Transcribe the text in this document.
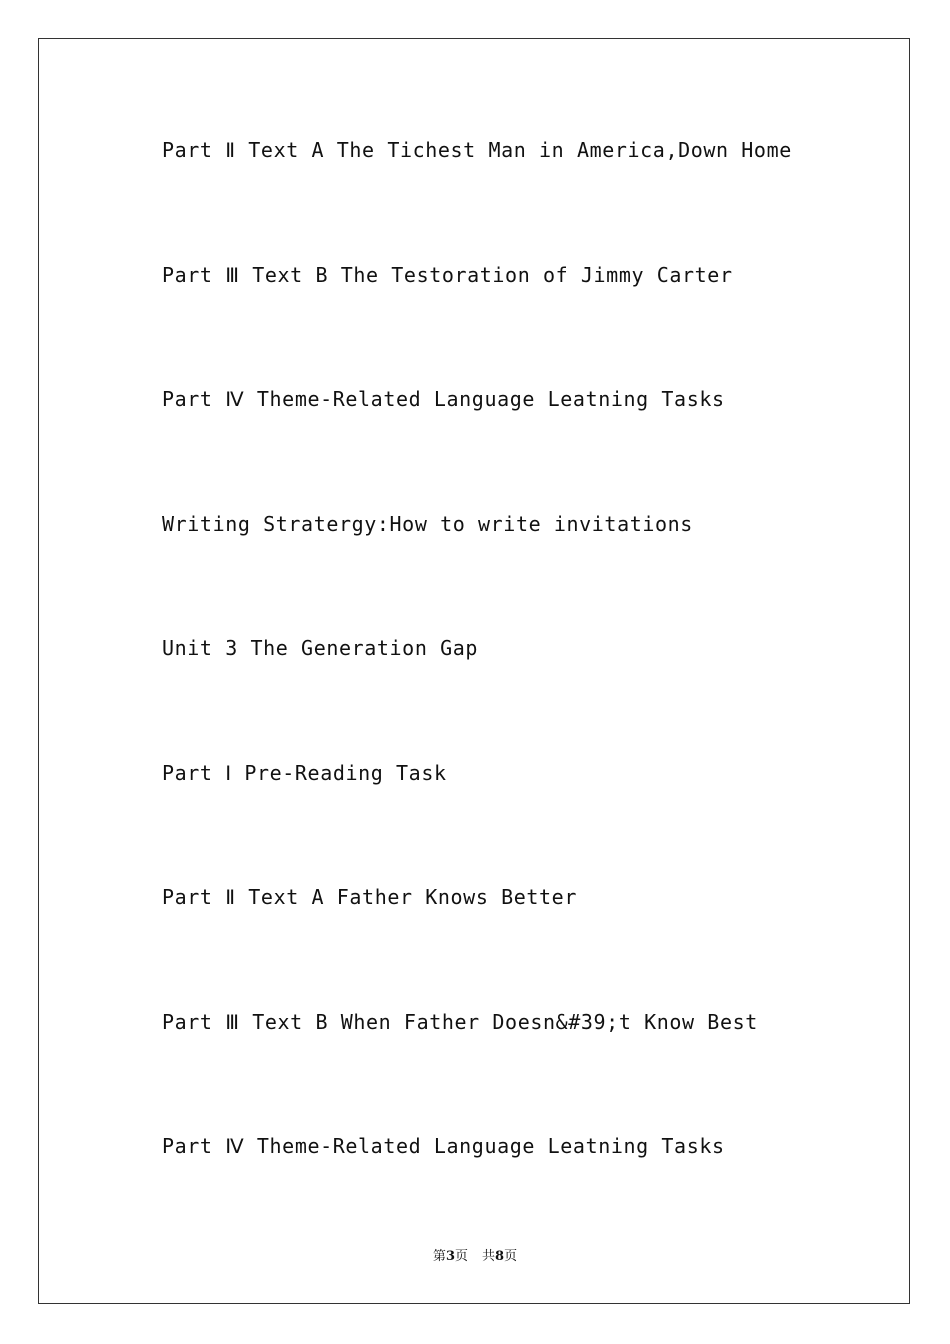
Part Ⅱ Text A The Tichest Man in America,Down Home
Part Ⅲ Text B The Testoration of Jimmy Carter
Part Ⅳ Theme-Related Language Leatning Tasks
Writing Stratergy:How to write invitations
Unit 3 The Generation Gap
Part Ⅰ Pre-Reading Task
Part Ⅱ Text A Father Knows Better
Part Ⅲ Text B When Father Doesn&#39;t Know Best
Part Ⅳ Theme-Related Language Leatning Tasks
第3页 共8页
